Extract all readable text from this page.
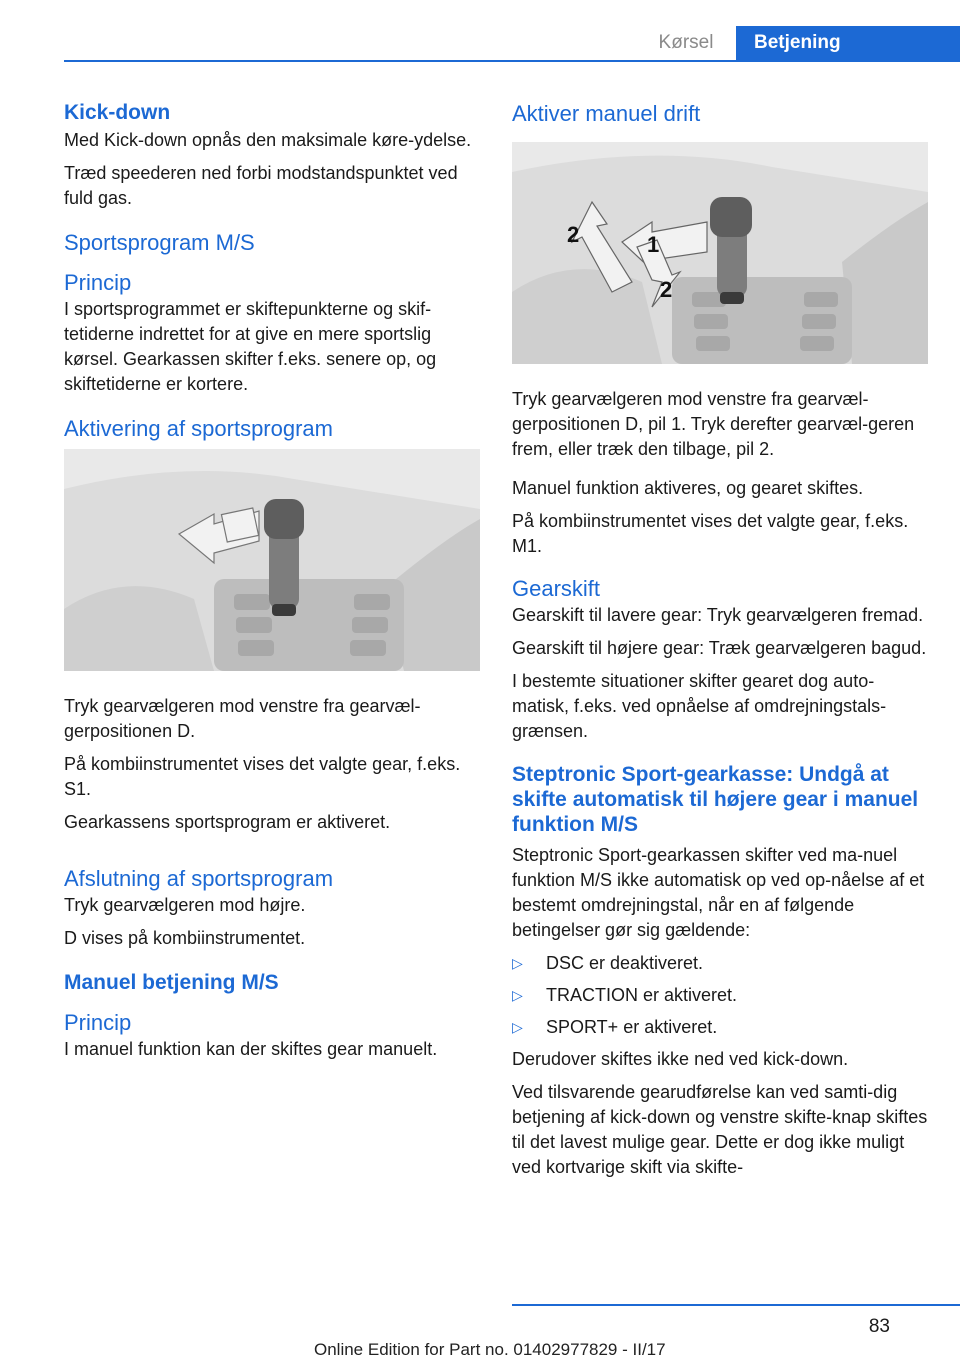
Kørsel	Betjening
Kick-down

Med Kick-down opnås den maksimale køre-ydelse.

Træd speederen ned forbi modstandspunktet ved fuld gas.

Sportsprogram M/S
Princip

I sportsprogrammet er skiftepunkterne og skif-tetiderne indrettet for at give en mere sportslig kørsel. Gearkassen skifter f.eks. senere op, og skiftetiderne er kortere.

Aktivering af sportsprogram

Tryk gearvælgeren mod venstre fra gearvæl-gerpositionen D.

På kombiinstrumentet vises det valgte gear, f.eks. S1.

Gearkassens sportsprogram er aktiveret.

Afslutning af sportsprogram

Tryk gearvælgeren mod højre.

D vises på kombiinstrumentet.

Manuel betjening M/S
Princip

I manuel funktion kan der skiftes gear manuelt.

Aktiver manuel drift
1
2
2

Tryk gearvælgeren mod venstre fra gearvæl-gerpositionen D, pil 1. Tryk derefter gearvæl-geren frem, eller træk den tilbage, pil 2.

Manuel funktion aktiveres, og gearet skiftes.

På kombiinstrumentet vises det valgte gear, f.eks. M1.

Gearskift

Gearskift til lavere gear: Tryk gearvælgeren fremad.

Gearskift til højere gear: Træk gearvælgeren bagud.

I bestemte situationer skifter gearet dog auto-matisk, f.eks. ved opnåelse af omdrejningstals-grænsen.

Steptronic Sport-gearkasse: Undgå at skifte automatisk til højere gear i manuel funktion M/S

Steptronic Sport-gearkassen skifter ved ma-nuel funktion M/S ikke automatisk op ved op-nåelse af et bestemt omdrejningstal, når en af følgende betingelser gør sig gældende:

▷ DSC er deaktiveret.
▷ TRACTION er aktiveret.
▷ SPORT+ er aktiveret.

Derudover skiftes ikke ned ved kick-down.

Ved tilsvarende gearudførelse kan ved samti-dig betjening af kick-down og venstre skifte-knap skiftes til det lavest mulige gear. Dette er dog ikke muligt ved kortvarige skift via skifte-

83
Online Edition for Part no. 01402977829 - II/17
